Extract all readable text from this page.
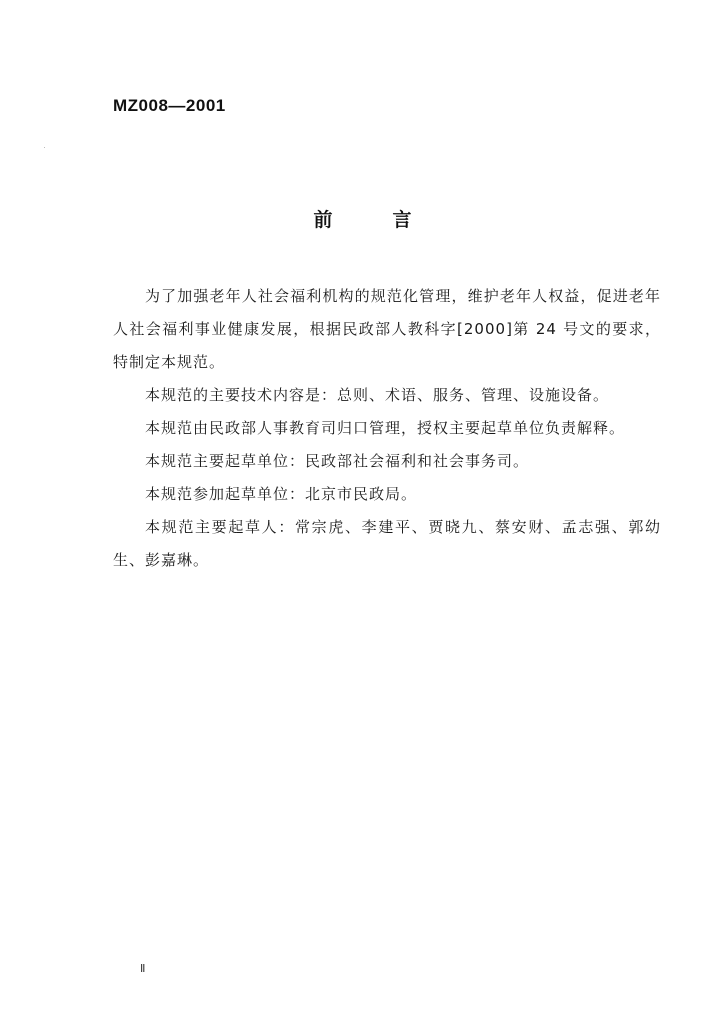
MZ008—2001
前	言

为了加强老年人社会福利机构的规范化管理，维护老年人权益，促进老年人社会福利事业健康发展，根据民政部人教科字[2000]第 24 号文的要求，特制定本规范。

本规范的主要技术内容是：总则、术语、服务、管理、设施设备。

本规范由民政部人事教育司归口管理，授权主要起草单位负责解释。

本规范主要起草单位：民政部社会福利和社会事务司。

本规范参加起草单位：北京市民政局。

本规范主要起草人：常宗虎、李建平、贾晓九、蔡安财、孟志强、郭幼生、彭嘉琳。

Ⅱ
